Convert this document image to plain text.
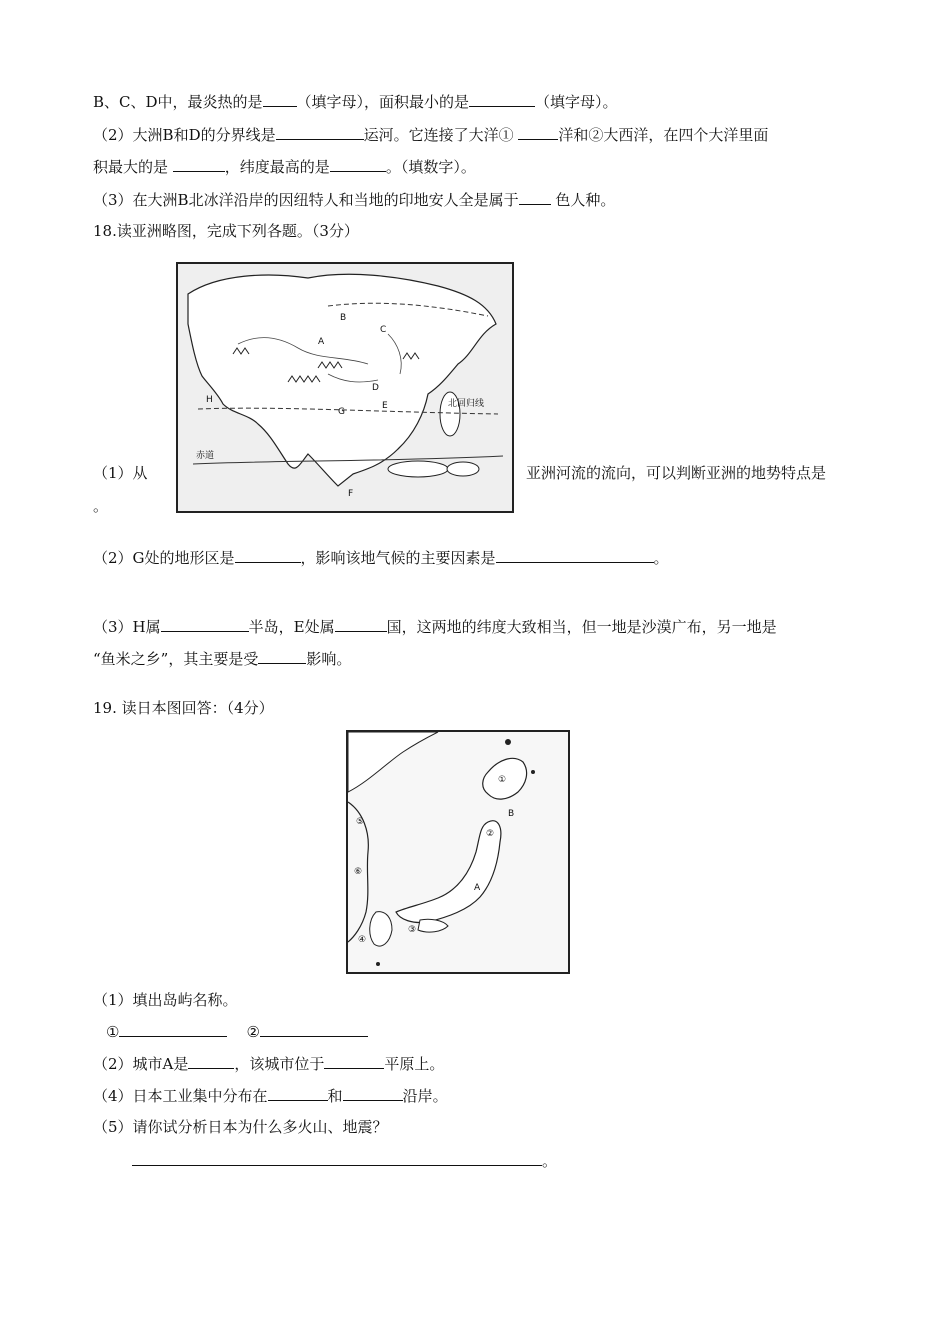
B、C、D中，最炎热的是 （填字母），面积最小的是	（填字母）。
（2）大洲B和D的分界线是	运河。它连接了大洋①	洋和②大西洋，在四个大洋里面
积最大的是	，纬度最高的是	。（填数字）。
（3）在大洲B北冰洋沿岸的因纽特人和当地的印地安人全是属于 色人种。
18.读亚洲略图，完成下列各题。（3分）
B
C
A
D
E
G
H
F
北回归线
赤道
（1）从	亚洲河流的流向，可以判断亚洲的地势特点是
。
（2）G处的地形区是	，影响该地气候的主要因素是	。
（3）H属	半岛，E处属	国，这两地的纬度大致相当，但一地是沙漠广布，另一地是
“鱼米之乡”，其主要是受	影响。
19. 读日本图回答：（4分）
①
②
③
④
⑤
⑥
A
B
（1）填出岛屿名称。
①	②
（2）城市A是	，该城市位于	平原上。
（4）日本工业集中分布在	和	沿岸。
（5）请你试分析日本为什么多火山、地震？
。
